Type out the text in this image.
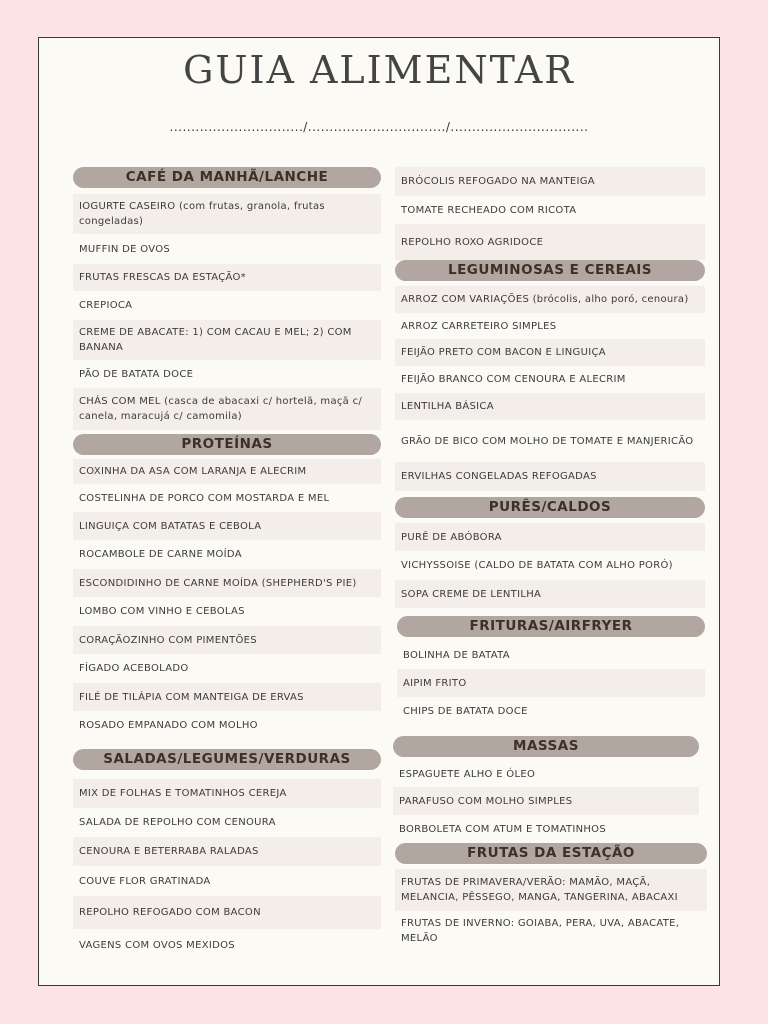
GUIA ALIMENTAR
.............................../................................/................................
CAFÉ DA MANHÃ/LANCHE
IOGURTE CASEIRO (com frutas, granola, frutas congeladas)
MUFFIN DE OVOS
FRUTAS FRESCAS DA ESTAÇÃO*
CREPIOCA
CREME DE ABACATE: 1) COM CACAU E MEL; 2) COM BANANA
PÃO DE BATATA DOCE
CHÁS COM MEL (casca de abacaxi c/ hortelã, maçã c/ canela, maracujá c/ camomila)
PROTEÍNAS
COXINHA DA ASA COM LARANJA E ALECRIM
COSTELINHA DE PORCO COM MOSTARDA E MEL
LINGUIÇA COM BATATAS E CEBOLA
ROCAMBOLE DE CARNE MOÍDA
ESCONDIDINHO DE CARNE MOÍDA (SHEPHERD'S PIE)
LOMBO COM VINHO E CEBOLAS
CORAÇÃOZINHO COM PIMENTÕES
FÍGADO ACEBOLADO
FILÉ DE TILÁPIA COM MANTEIGA DE ERVAS
ROSADO EMPANADO COM MOLHO
SALADAS/LEGUMES/VERDURAS
MIX DE FOLHAS E TOMATINHOS CEREJA
SALADA DE REPOLHO COM CENOURA
CENOURA E BETERRABA RALADAS
COUVE FLOR GRATINADA
REPOLHO REFOGADO COM BACON
VAGENS COM OVOS MEXIDOS
BRÓCOLIS REFOGADO NA MANTEIGA
TOMATE RECHEADO COM RICOTA
REPOLHO ROXO AGRIDOCE
LEGUMINOSAS E CEREAIS
ARROZ COM VARIAÇÕES (brócolis, alho poró, cenoura)
ARROZ CARRETEIRO SIMPLES
FEIJÃO PRETO COM BACON E LINGUIÇA
FEIJÃO BRANCO COM CENOURA E ALECRIM
LENTILHA BÁSICA
GRÃO DE BICO COM MOLHO DE TOMATE E MANJERICÃO
ERVILHAS CONGELADAS REFOGADAS
PURÊS/CALDOS
PURÊ DE ABÓBORA
VICHYSSOISE (CALDO DE BATATA COM ALHO PORÓ)
SOPA CREME DE LENTILHA
FRITURAS/AIRFRYER
BOLINHA DE BATATA
AIPIM FRITO
CHIPS DE BATATA DOCE
MASSAS
ESPAGUETE ALHO E ÓLEO
PARAFUSO COM MOLHO SIMPLES
BORBOLETA COM ATUM E TOMATINHOS
FRUTAS DA ESTAÇÃO
FRUTAS DE PRIMAVERA/VERÃO: MAMÃO, MAÇÃ, MELANCIA, PÊSSEGO, MANGA, TANGERINA, ABACAXI
FRUTAS DE INVERNO: GOIABA, PERA, UVA, ABACATE, MELÃO
